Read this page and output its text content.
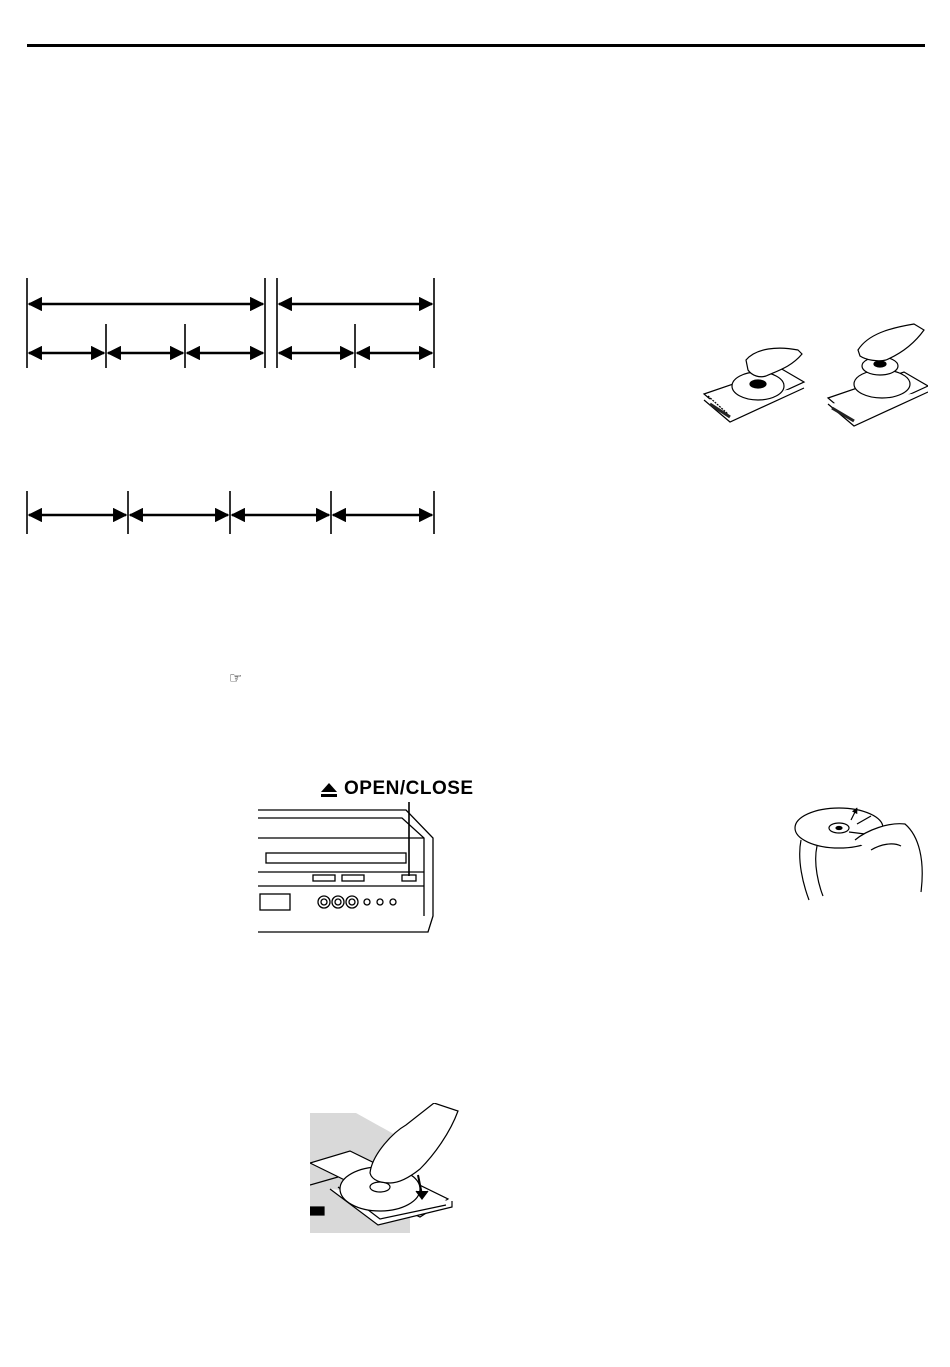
☞
OPEN/CLOSE
